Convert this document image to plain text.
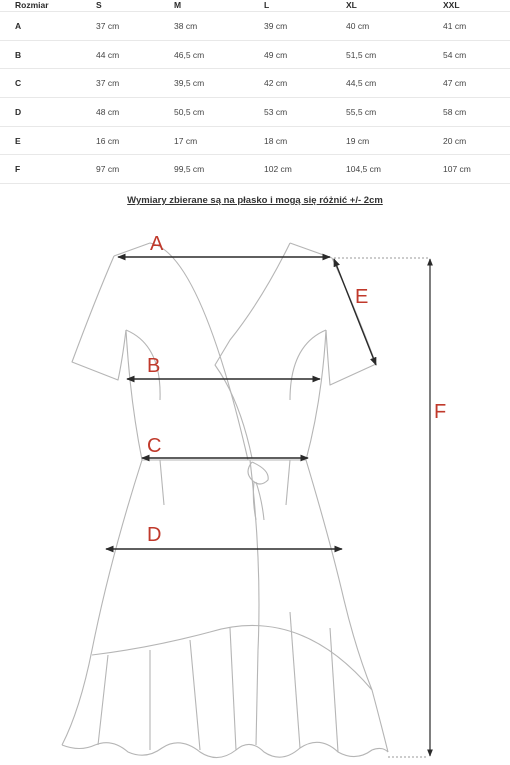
Rozmiar	S	M	L	XL	XXL
A	37 cm	38 cm	39 cm	40 cm	41 cm
B	44 cm	46,5 cm	49 cm	51,5 cm	54 cm
C	37 cm	39,5 cm	42 cm	44,5 cm	47 cm
D	48 cm	50,5 cm	53 cm	55,5 cm	58 cm
E	16 cm	17 cm	18 cm	19 cm	20 cm
F	97 cm	99,5 cm	102 cm	104,5 cm	107 cm
Wymiary zbierane są na płasko i mogą się różnić +/- 2cm
A
B
C
D
E
F
